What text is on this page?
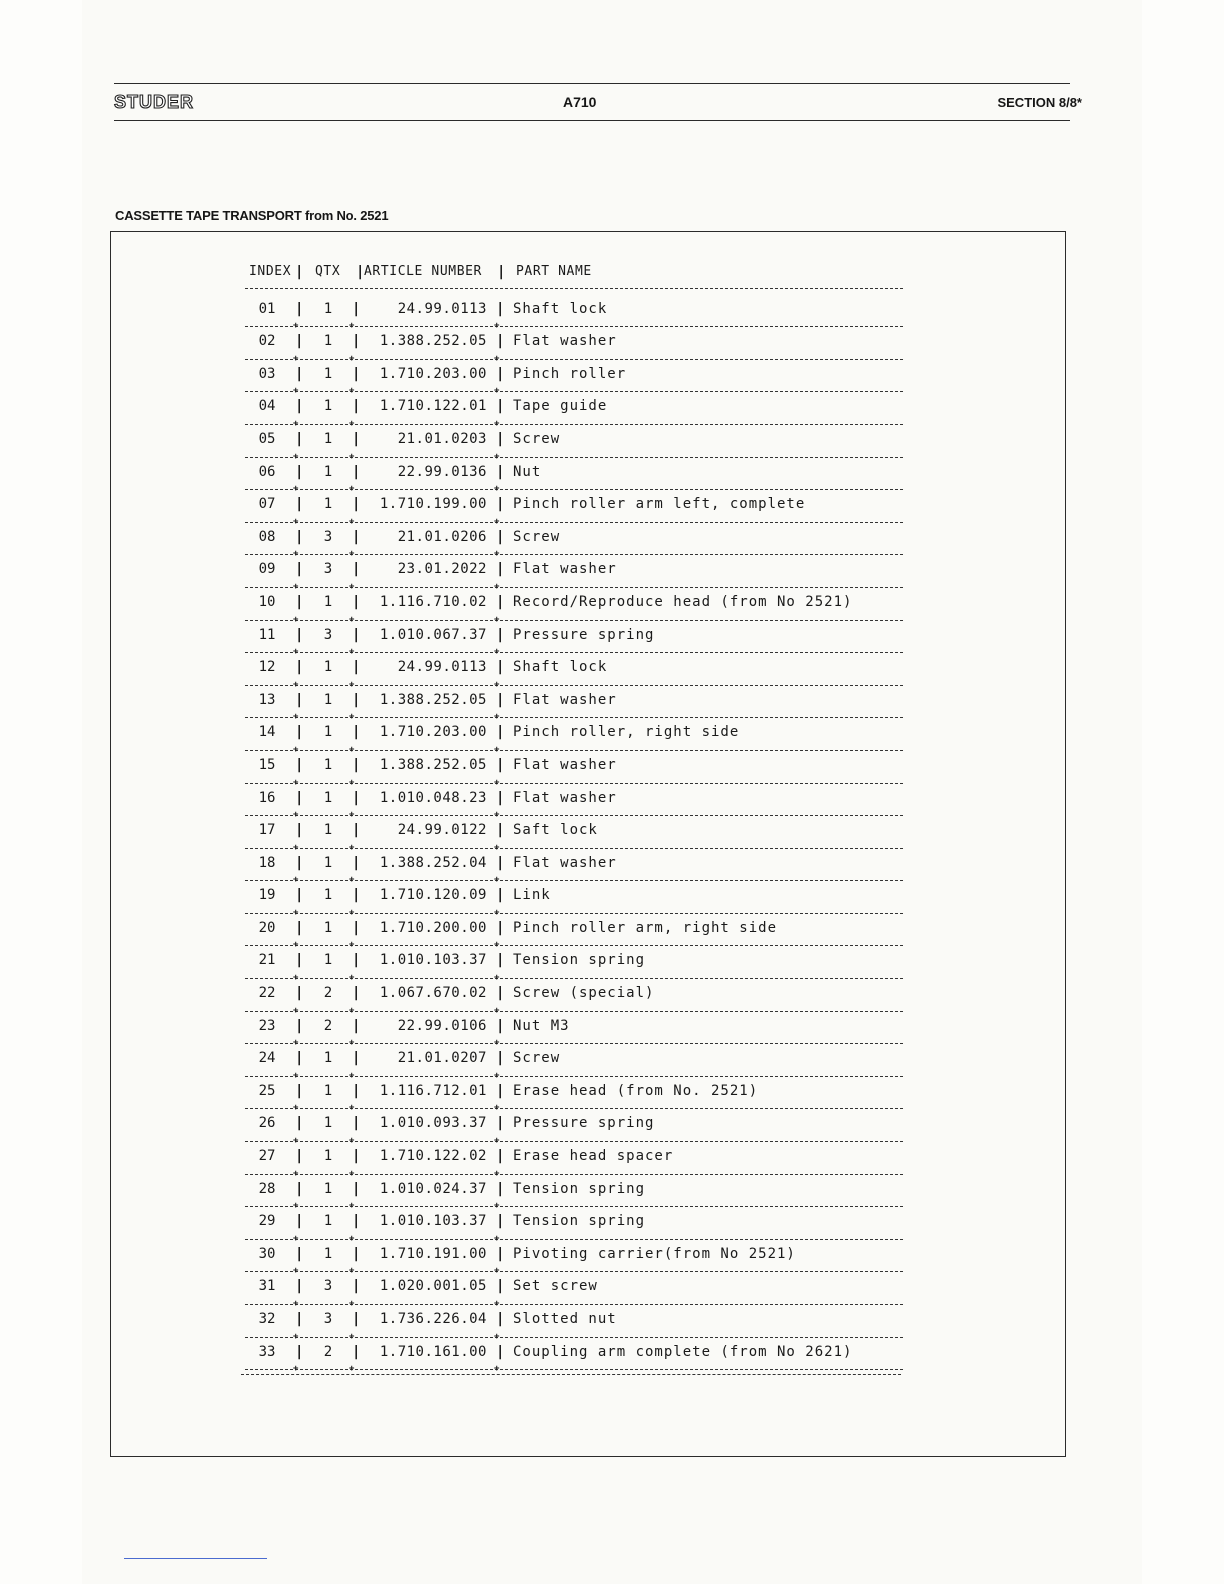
STUDER	A710	SECTION 8/8*
CASSETTE TAPE TRANSPORT from No. 2521
INDEX | QTX | ARTICLE NUMBER | PART NAME
01	1	24.99.0113 Shaft lock
|	|	|
+	+	+
02	1	1.388.252.05 Flat washer
|	|	|
+	+	+
03	1	1.710.203.00 Pinch roller
|	|	|
+	+	+
04	1	1.710.122.01 Tape guide
|	|	|
+	+	+
05	1	21.01.0203 Screw
|	|	|
+	+	+
06	1	22.99.0136 Nut
|	|	|
+	+	+
07	1	1.710.199.00 Pinch roller arm left, complete
|	|	|
+	+	+
08	3	21.01.0206 Screw
|	|	|
+	+	+
09	3	23.01.2022 Flat washer
|	|	|
+	+	+
10	1	1.116.710.02 Record/Reproduce head (from No 2521)
|	|	|
+	+	+
11	3	1.010.067.37 Pressure spring
|	|	|
+	+	+
12	1	24.99.0113 Shaft lock
|	|	|
+	+	+
13	1	1.388.252.05 Flat washer
|	|	|
+	+	+
14	1	1.710.203.00 Pinch roller, right side
|	|	|
+	+	+
15	1	1.388.252.05 Flat washer
|	|	|
+	+	+
16	1	1.010.048.23 Flat washer
|	|	|
+	+	+
17	1	24.99.0122 Saft lock
|	|	|
+	+	+
18	1	1.388.252.04 Flat washer
|	|	|
+	+	+
19	1	1.710.120.09 Link
|	|	|
+	+	+
20	1	1.710.200.00 Pinch roller arm, right side
|	|	|
+	+	+
21	1	1.010.103.37 Tension spring
|	|	|
+	+	+
22	2	1.067.670.02 Screw (special)
|	|	|
+	+	+
23	2	22.99.0106 Nut M3
|	|	|
+	+	+
24	1	21.01.0207 Screw
|	|	|
+	+	+
25	1	1.116.712.01 Erase head (from No. 2521)
|	|	|
+	+	+
26	1	1.010.093.37 Pressure spring
|	|	|
+	+	+
27	1	1.710.122.02 Erase head spacer
|	|	|
+	+	+
28	1	1.010.024.37 Tension spring
|	|	|
+	+	+
29	1	1.010.103.37 Tension spring
|	|	|
+	+	+
30	1	1.710.191.00 Pivoting carrier(from No 2521)
|	|	|
+	+	+
31	3	1.020.001.05 Set screw
|	|	|
+	+	+
32	3	1.736.226.04 Slotted nut
|	|	|
+	+	+
33	2	1.710.161.00 Coupling arm complete (from No 2621)
|	|	|
+	+	+
